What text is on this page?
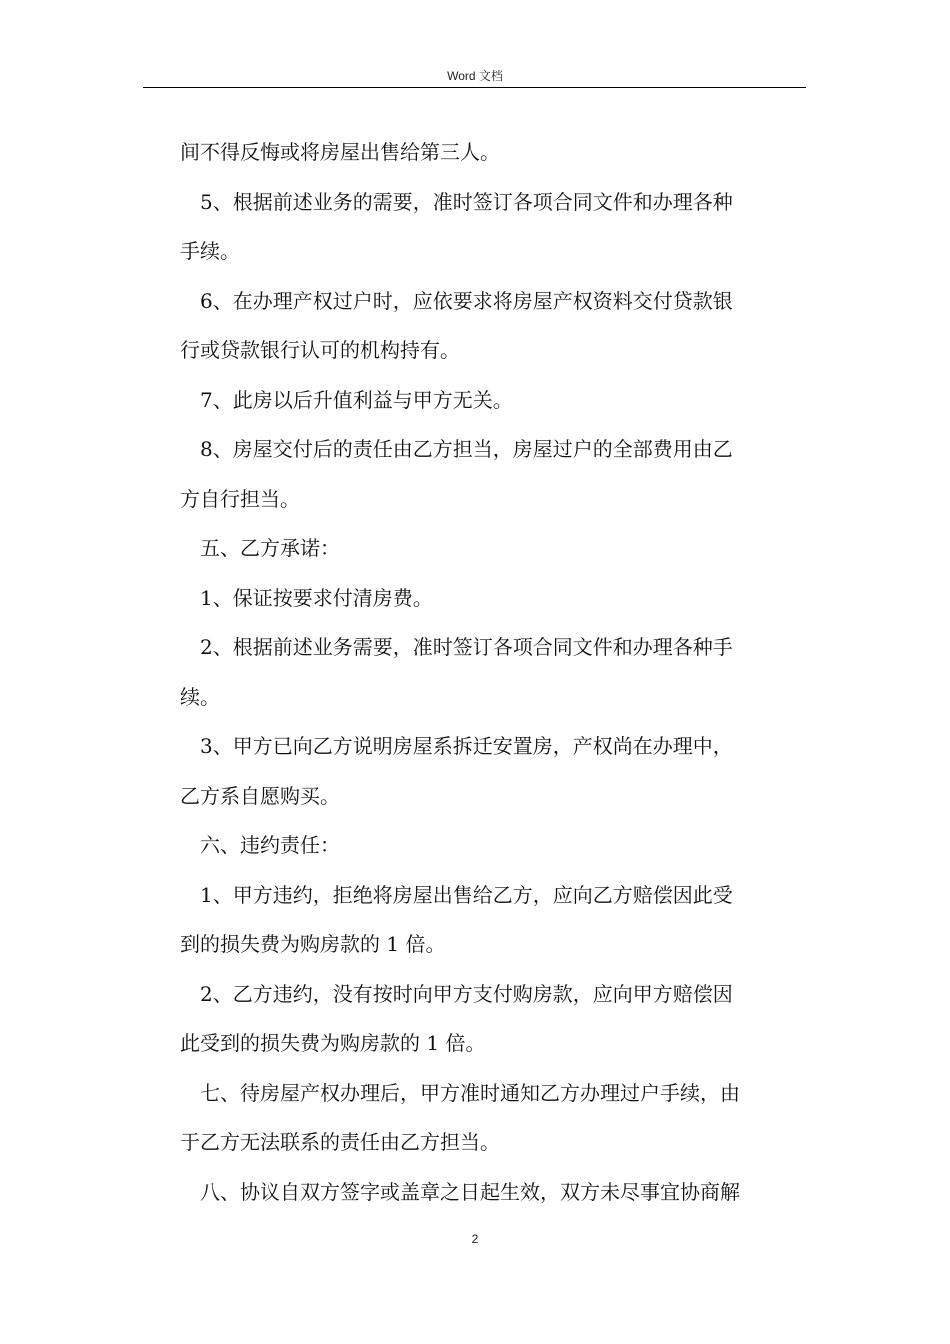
Word 文档
间不得反悔或将房屋出售给第三人。
5、根据前述业务的需要，准时签订各项合同文件和办理各种
手续。
6、在办理产权过户时，应依要求将房屋产权资料交付贷款银
行或贷款银行认可的机构持有。
7、此房以后升值利益与甲方无关。
8、房屋交付后的责任由乙方担当，房屋过户的全部费用由乙
方自行担当。
五、乙方承诺：
1、保证按要求付清房费。
2、根据前述业务需要，准时签订各项合同文件和办理各种手
续。
3、甲方已向乙方说明房屋系拆迁安置房，产权尚在办理中，
乙方系自愿购买。
六、违约责任：
1、甲方违约，拒绝将房屋出售给乙方，应向乙方赔偿因此受
到的损失费为购房款的 1 倍。
2、乙方违约，没有按时向甲方支付购房款，应向甲方赔偿因
此受到的损失费为购房款的 1 倍。
七、待房屋产权办理后，甲方准时通知乙方办理过户手续，由
于乙方无法联系的责任由乙方担当。
八、协议自双方签字或盖章之日起生效，双方未尽事宜协商解
2
